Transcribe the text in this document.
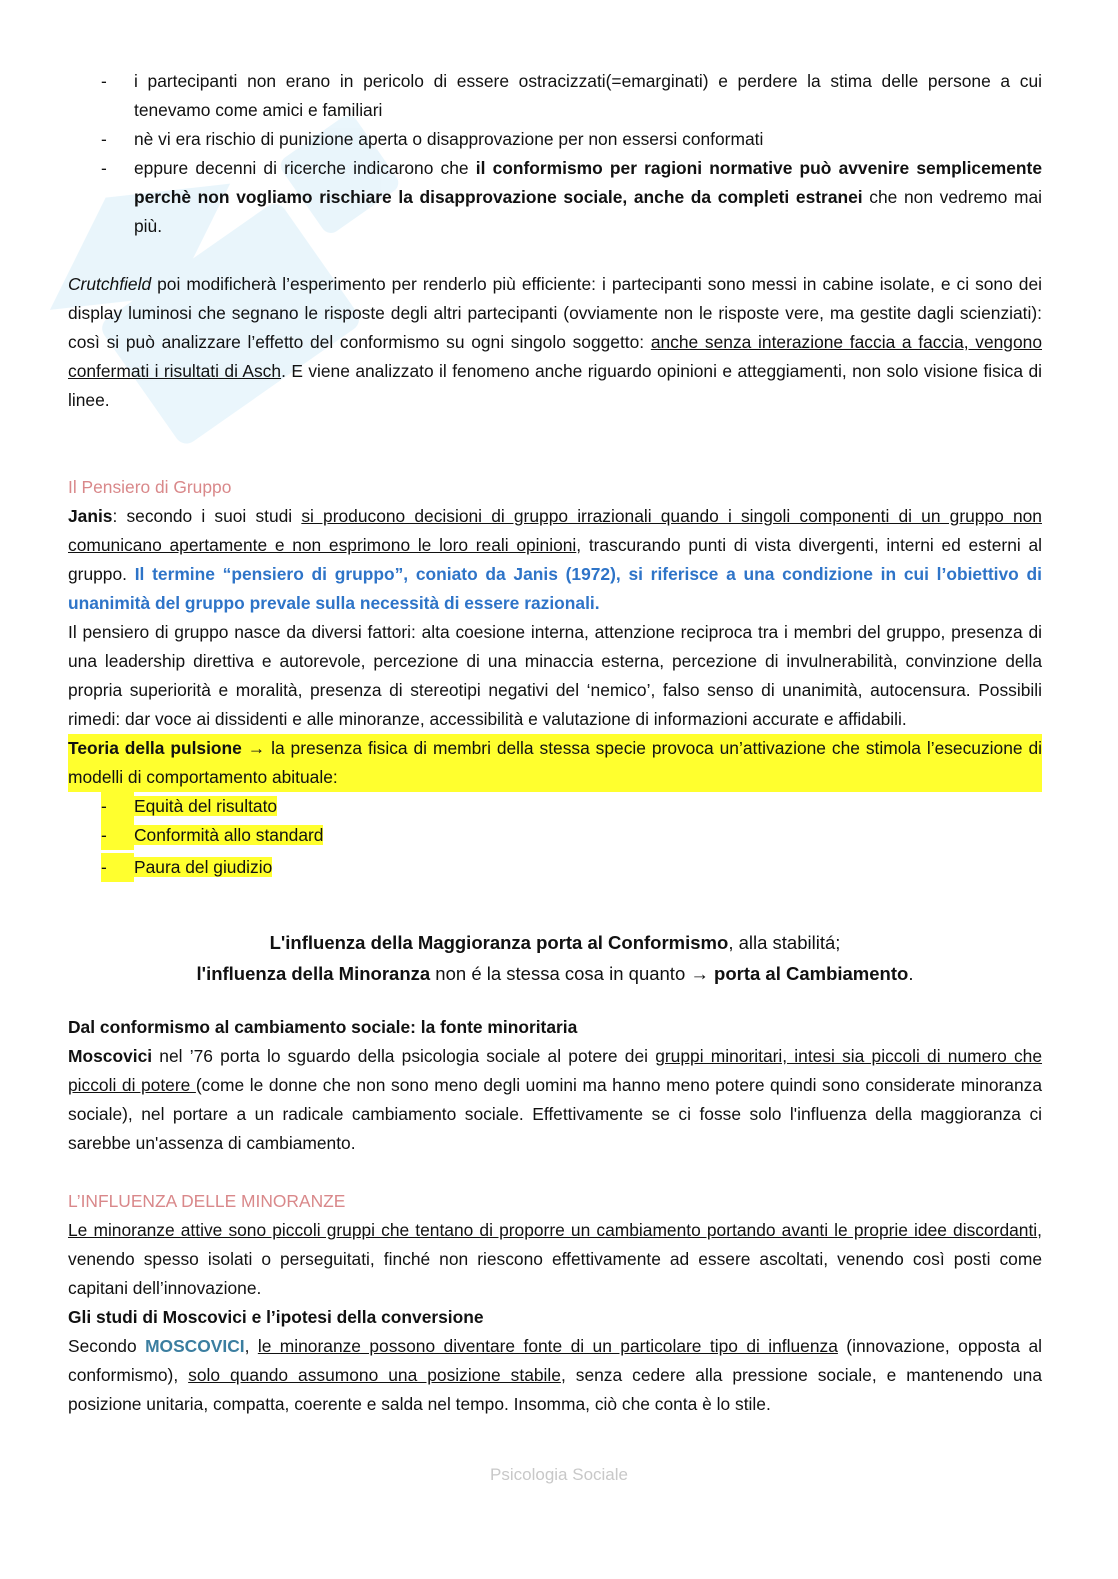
-	i partecipanti non erano in pericolo di essere ostracizzati(=emarginati) e perdere la stima delle persone a cui tenevamo come amici e familiari
-	nè vi era rischio di punizione aperta o disapprovazione per non essersi conformati
-	eppure decenni di ricerche indicarono che il conformismo per ragioni normative può avvenire semplicemente perchè non vogliamo rischiare la disapprovazione sociale, anche da completi estranei che non vedremo mai più.

Crutchfield poi modificherà l’esperimento per renderlo più efficiente: i partecipanti sono messi in cabine isolate, e ci sono dei display luminosi che segnano le risposte degli altri partecipanti (ovviamente non le risposte vere, ma gestite dagli scienziati): così si può analizzare l’effetto del conformismo su ogni singolo soggetto: anche senza interazione faccia a faccia, vengono confermati i risultati di Asch. E viene analizzato il fenomeno anche riguardo opinioni e atteggiamenti, non solo visione fisica di linee.

Il Pensiero di Gruppo

Janis: secondo i suoi studi si producono decisioni di gruppo irrazionali quando i singoli componenti di un gruppo non comunicano apertamente e non esprimono le loro reali opinioni, trascurando punti di vista divergenti, interni ed esterni al gruppo. Il termine “pensiero di gruppo”, coniato da Janis (1972), si riferisce a una condizione in cui l’obiettivo di unanimità del gruppo prevale sulla necessità di essere razionali.

Il pensiero di gruppo nasce da diversi fattori: alta coesione interna, attenzione reciproca tra i membri del gruppo, presenza di una leadership direttiva e autorevole, percezione di una minaccia esterna, percezione di invulnerabilità, convinzione della propria superiorità e moralità, presenza di stereotipi negativi del ‘nemico’, falso senso di unanimità, autocensura. Possibili rimedi: dar voce ai dissidenti e alle minoranze, accessibilità e valutazione di informazioni accurate e affidabili.

Teoria della pulsione → la presenza fisica di membri della stessa specie provoca un’attivazione che stimola l’esecuzione di modelli di comportamento abituale:

-	Equità del risultato
-	Conformità allo standard
-	Paura del giudizio

L'influenza della Maggioranza porta al Conformismo, alla stabilitá;

l'influenza della Minoranza non é la stessa cosa in quanto → porta al Cambiamento.

Dal conformismo al cambiamento sociale: la fonte minoritaria

Moscovici nel ’76 porta lo sguardo della psicologia sociale al potere dei gruppi minoritari, intesi sia piccoli di numero che piccoli di potere (come le donne che non sono meno degli uomini ma hanno meno potere quindi sono considerate minoranza sociale), nel portare a un radicale cambiamento sociale. Effettivamente se ci fosse solo l'influenza della maggioranza ci sarebbe un'assenza di cambiamento.

L’INFLUENZA DELLE MINORANZE

Le minoranze attive sono piccoli gruppi che tentano di proporre un cambiamento portando avanti le proprie idee discordanti, venendo spesso isolati o perseguitati, finché non riescono effettivamente ad essere ascoltati, venendo così posti come capitani dell’innovazione.

Gli studi di Moscovici e l’ipotesi della conversione

Secondo MOSCOVICI, le minoranze possono diventare fonte di un particolare tipo di influenza (innovazione, opposta al conformismo), solo quando assumono una posizione stabile, senza cedere alla pressione sociale, e mantenendo una posizione unitaria, compatta, coerente e salda nel tempo. Insomma, ciò che conta è lo stile.

Psicologia Sociale
